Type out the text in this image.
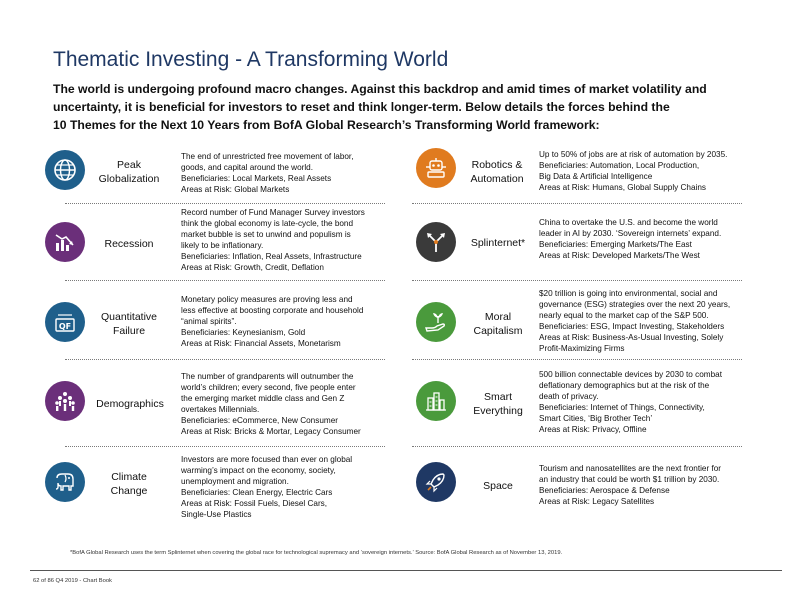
Thematic Investing - A Transforming World
The world is undergoing profound macro changes. Against this backdrop and amid times of market volatility and
uncertainty, it is beneficial for investors to reset and think longer-term. Below details the forces behind the
10 Themes for the Next 10 Years from BofA Global Research’s Transforming World framework:
Peak
Globalization
The end of unrestricted free movement of labor,
goods, and capital around the world.
Beneficiaries: Local Markets, Real Assets
Areas at Risk: Global Markets
Recession
Record number of Fund Manager Survey investors
think the global economy is late-cycle, the bond
market bubble is set to unwind and populism is
likely to be inflationary.
Beneficiaries: Inflation, Real Assets, Infrastructure
Areas at Risk: Growth, Credit, Deflation
QF
Quantitative
Failure
Monetary policy measures are proving less and
less effective at boosting corporate and household
“animal spirits”.
Beneficiaries: Keynesianism, Gold
Areas at Risk: Financial Assets, Monetarism
Demographics
The number of grandparents will outnumber the
world’s children; every second, five people enter
the emerging market middle class and Gen Z
overtakes Millennials.
Beneficiaries: eCommerce, New Consumer
Areas at Risk: Bricks & Mortar, Legacy Consumer
Climate
Change
Investors are more focused than ever on global
warming’s impact on the economy, society,
unemployment and migration.
Beneficiaries: Clean Energy, Electric Cars
Areas at Risk: Fossil Fuels, Diesel Cars,
Single-Use Plastics
Robotics &
Automation
Up to 50% of jobs are at risk of automation by 2035.
Beneficiaries: Automation, Local Production,
Big Data & Artificial Intelligence
Areas at Risk: Humans, Global Supply Chains
Splinternet*
China to overtake the U.S. and become the world
leader in AI by 2030. ‘Sovereign internets’ expand.
Beneficiaries: Emerging Markets/The East
Areas at Risk: Developed Markets/The West
Moral
Capitalism
$20 trillion is going into environmental, social and
governance (ESG) strategies over the next 20 years,
nearly equal to the market cap of the S&P 500.
Beneficiaries: ESG, Impact Investing, Stakeholders
Areas at Risk: Business-As-Usual Investing, Solely
Profit-Maximizing Firms
Smart
Everything
500 billion connectable devices by 2030 to combat
deflationary demographics but at the risk of the
death of privacy.
Beneficiaries: Internet of Things, Connectivity,
Smart Cities, ‘Big Brother Tech’
Areas at Risk: Privacy, Offline
Space
Tourism and nanosatellites are the next frontier for
an industry that could be worth $1 trillion by 2030.
Beneficiaries: Aerospace & Defense
Areas at Risk: Legacy Satellites
*BofA Global Research uses the term Splinternet when covering the global race for technological supremacy and ‘sovereign internets.’ Source: BofA Global Research as of November 13, 2019.
62 of 86 Q4 2019 - Chart Book
